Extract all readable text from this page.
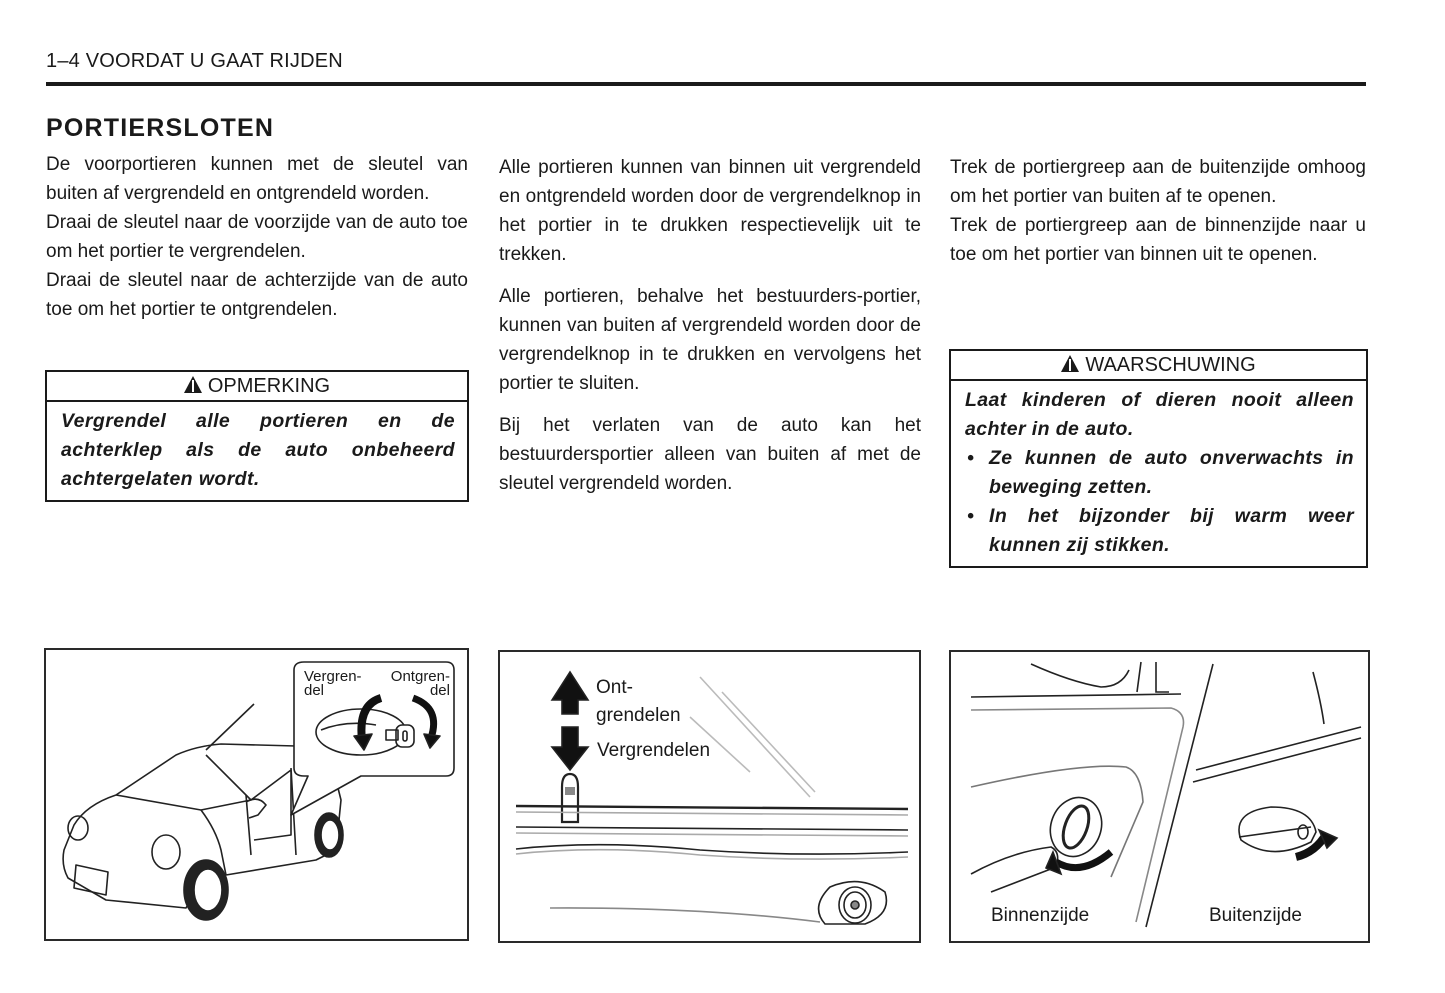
1–4 VOORDAT U GAAT RIJDEN
PORTIERSLOTEN

De voorportieren kunnen met de sleutel van buiten af vergrendeld en ontgrendeld worden.

Draai de sleutel naar de voorzijde van de auto toe om het portier te vergrendelen.

Draai de sleutel naar de achterzijde van de auto toe om het portier te ontgrendelen.

OPMERKING
Vergrendel alle portieren en de achterklep als de auto onbeheerd achtergelaten wordt.

Alle portieren kunnen van binnen uit vergrendeld en ontgrendeld worden door de vergrendelknop in het portier in te drukken respectievelijk uit te trekken.

Alle portieren, behalve het bestuurders-portier, kunnen van buiten af vergrendeld worden door de vergrendelknop in te drukken en vervolgens het portier te sluiten.

Bij het verlaten van de auto kan het bestuurdersportier alleen van buiten af met de sleutel vergrendeld worden.

Trek de portiergreep aan de buitenzijde omhoog om het portier van buiten af te openen.

Trek de portiergreep aan de binnenzijde naar u toe om het portier van binnen uit te openen.

WAARSCHUWING
Laat kinderen of dieren nooit alleen achter in de auto.
• Ze kunnen de auto onverwachts in beweging zetten.
• In het bijzonder bij warm weer kunnen zij stikken.
Vergren-
del
Ontgren-
del	Ont-
grendelen
Vergrendelen
Binnenzijde	Buitenzijde
